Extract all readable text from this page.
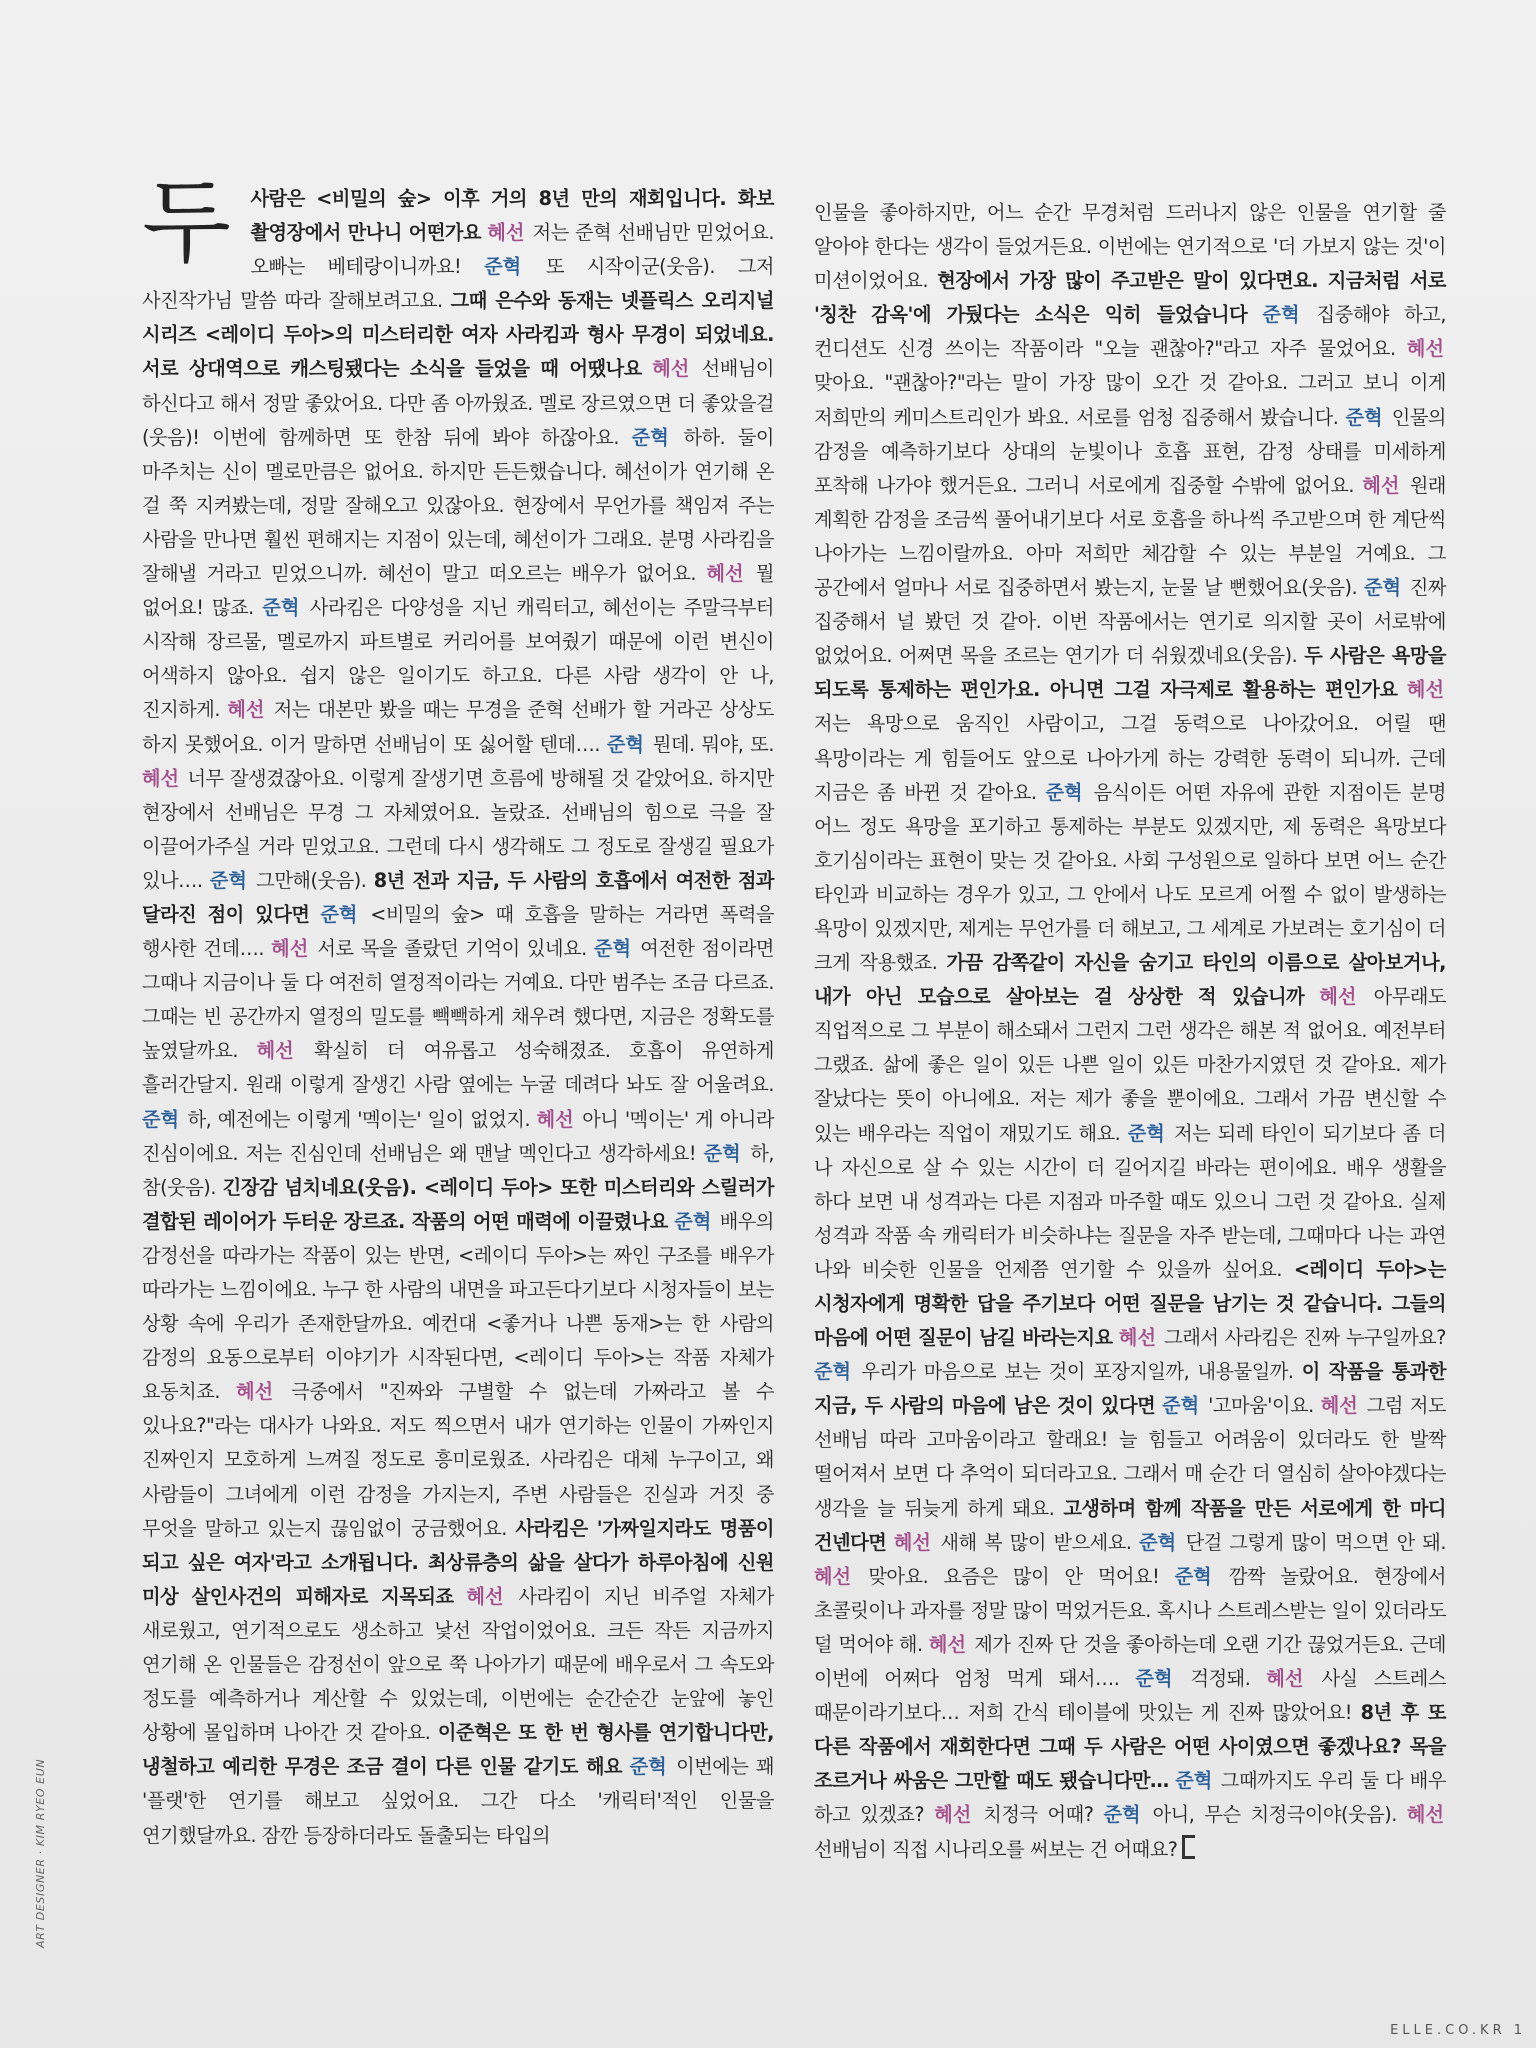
두 사람은 <비밀의 숲> 이후 거의 8년 만의 재회입니다. 화보 촬영장에서 만나니 어떤가요 혜선 저는 준혁 선배님만 믿었어요. 오빠는 베테랑이니까요! 준혁 또 시작이군(웃음). 그저 사진작가님 말씀 따라 잘해보려고요. 그때 은수와 동재는 넷플릭스 오리지널 시리즈 <레이디 두아>의 미스터리한 여자 사라킴과 형사 무경이 되었네요. 서로 상대역으로 캐스팅됐다는 소식을 들었을 때 어땠나요 혜선 선배님이 하신다고 해서 정말 좋았어요. 다만 좀 아까웠죠. 멜로 장르였으면 더 좋았을걸(웃음)! 이번에 함께하면 또 한참 뒤에 봐야 하잖아요. 준혁 하하. 둘이 마주치는 신이 멜로만큼은 없어요. 하지만 든든했습니다. 혜선이가 연기해 온 걸 쭉 지켜봤는데, 정말 잘해오고 있잖아요. 현장에서 무언가를 책임져 주는 사람을 만나면 훨씬 편해지는 지점이 있는데, 혜선이가 그래요. 분명 사라킴을 잘해낼 거라고 믿었으니까. 혜선이 말고 떠오르는 배우가 없어요. 혜선 뭘 없어요! 많죠. 준혁 사라킴은 다양성을 지닌 캐릭터고, 혜선이는 주말극부터 시작해 장르물, 멜로까지 파트별로 커리어를 보여줬기 때문에 이런 변신이 어색하지 않아요. 쉽지 않은 일이기도 하고요. 다른 사람 생각이 안 나, 진지하게. 혜선 저는 대본만 봤을 때는 무경을 준혁 선배가 할 거라곤 상상도 하지 못했어요. 이거 말하면 선배님이 또 싫어할 텐데…. 준혁 뭔데. 뭐야, 또. 혜선 너무 잘생겼잖아요. 이렇게 잘생기면 흐름에 방해될 것 같았어요. 하지만 현장에서 선배님은 무경 그 자체였어요. 놀랐죠. 선배님의 힘으로 극을 잘 이끌어가주실 거라 믿었고요. 그런데 다시 생각해도 그 정도로 잘생길 필요가 있나…. 준혁 그만해(웃음). 8년 전과 지금, 두 사람의 호흡에서 여전한 점과 달라진 점이 있다면 준혁 <비밀의 숲> 때 호흡을 말하는 거라면 폭력을 행사한 건데…. 혜선 서로 목을 졸랐던 기억이 있네요. 준혁 여전한 점이라면 그때나 지금이나 둘 다 여전히 열정적이라는 거예요. 다만 범주는 조금 다르죠. 그때는 빈 공간까지 열정의 밀도를 빽빽하게 채우려 했다면, 지금은 정확도를 높였달까요. 혜선 확실히 더 여유롭고 성숙해졌죠. 호흡이 유연하게 흘러간달지. 원래 이렇게 잘생긴 사람 옆에는 누굴 데려다 놔도 잘 어울려요. 준혁 하, 예전에는 이렇게 '멕이는' 일이 없었지. 혜선 아니 '멕이는' 게 아니라 진심이에요. 저는 진심인데 선배님은 왜 맨날 멕인다고 생각하세요! 준혁 하, 참(웃음). 긴장감 넘치네요(웃음). <레이디 두아> 또한 미스터리와 스릴러가 결합된 레이어가 두터운 장르죠. 작품의 어떤 매력에 이끌렸나요 준혁 배우의 감정선을 따라가는 작품이 있는 반면, <레이디 두아>는 짜인 구조를 배우가 따라가는 느낌이에요. 누구 한 사람의 내면을 파고든다기보다 시청자들이 보는 상황 속에 우리가 존재한달까요. 예컨대 <좋거나 나쁜 동재>는 한 사람의 감정의 요동으로부터 이야기가 시작된다면, <레이디 두아>는 작품 자체가 요동치죠. 혜선 극중에서 "진짜와 구별할 수 없는데 가짜라고 볼 수 있나요?"라는 대사가 나와요. 저도 찍으면서 내가 연기하는 인물이 가짜인지 진짜인지 모호하게 느껴질 정도로 흥미로웠죠. 사라킴은 대체 누구이고, 왜 사람들이 그녀에게 이런 감정을 가지는지, 주변 사람들은 진실과 거짓 중 무엇을 말하고 있는지 끊임없이 궁금했어요. 사라킴은 '가짜일지라도 명품이 되고 싶은 여자'라고 소개됩니다. 최상류층의 삶을 살다가 하루아침에 신원 미상 살인사건의 피해자로 지목되죠 혜선 사라킴이 지닌 비주얼 자체가 새로웠고, 연기적으로도 생소하고 낯선 작업이었어요. 크든 작든 지금까지 연기해 온 인물들은 감정선이 앞으로 쭉 나아가기 때문에 배우로서 그 속도와 정도를 예측하거나 계산할 수 있었는데, 이번에는 순간순간 눈앞에 놓인 상황에 몰입하며 나아간 것 같아요. 이준혁은 또 한 번 형사를 연기합니다만, 냉철하고 예리한 무경은 조금 결이 다른 인물 같기도 해요 준혁 이번에는 꽤 '플랫'한 연기를 해보고 싶었어요. 그간 다소 '캐릭터'적인 인물을 연기했달까요. 잠깐 등장하더라도 돌출되는 타입의
인물을 좋아하지만, 어느 순간 무경처럼 드러나지 않은 인물을 연기할 줄 알아야 한다는 생각이 들었거든요. 이번에는 연기적으로 '더 가보지 않는 것'이 미션이었어요. 현장에서 가장 많이 주고받은 말이 있다면요. 지금처럼 서로 '칭찬 감옥'에 가뒀다는 소식은 익히 들었습니다 준혁 집중해야 하고, 컨디션도 신경 쓰이는 작품이라 "오늘 괜찮아?"라고 자주 물었어요. 혜선 맞아요. "괜찮아?"라는 말이 가장 많이 오간 것 같아요. 그러고 보니 이게 저희만의 케미스트리인가 봐요. 서로를 엄청 집중해서 봤습니다. 준혁 인물의 감정을 예측하기보다 상대의 눈빛이나 호흡 표현, 감정 상태를 미세하게 포착해 나가야 했거든요. 그러니 서로에게 집중할 수밖에 없어요. 혜선 원래 계획한 감정을 조금씩 풀어내기보다 서로 호흡을 하나씩 주고받으며 한 계단씩 나아가는 느낌이랄까요. 아마 저희만 체감할 수 있는 부분일 거예요. 그 공간에서 얼마나 서로 집중하면서 봤는지, 눈물 날 뻔했어요(웃음). 준혁 진짜 집중해서 널 봤던 것 같아. 이번 작품에서는 연기로 의지할 곳이 서로밖에 없었어요. 어쩌면 목을 조르는 연기가 더 쉬웠겠네요(웃음). 두 사람은 욕망을 되도록 통제하는 편인가요. 아니면 그걸 자극제로 활용하는 편인가요 혜선 저는 욕망으로 움직인 사람이고, 그걸 동력으로 나아갔어요. 어릴 땐 욕망이라는 게 힘들어도 앞으로 나아가게 하는 강력한 동력이 되니까. 근데 지금은 좀 바뀐 것 같아요. 준혁 음식이든 어떤 자유에 관한 지점이든 분명 어느 정도 욕망을 포기하고 통제하는 부분도 있겠지만, 제 동력은 욕망보다 호기심이라는 표현이 맞는 것 같아요. 사회 구성원으로 일하다 보면 어느 순간 타인과 비교하는 경우가 있고, 그 안에서 나도 모르게 어쩔 수 없이 발생하는 욕망이 있겠지만, 제게는 무언가를 더 해보고, 그 세계로 가보려는 호기심이 더 크게 작용했죠. 가끔 감쪽같이 자신을 숨기고 타인의 이름으로 살아보거나, 내가 아닌 모습으로 살아보는 걸 상상한 적 있습니까 혜선 아무래도 직업적으로 그 부분이 해소돼서 그런지 그런 생각은 해본 적 없어요. 예전부터 그랬죠. 삶에 좋은 일이 있든 나쁜 일이 있든 마찬가지였던 것 같아요. 제가 잘났다는 뜻이 아니에요. 저는 제가 좋을 뿐이에요. 그래서 가끔 변신할 수 있는 배우라는 직업이 재밌기도 해요. 준혁 저는 되레 타인이 되기보다 좀 더 나 자신으로 살 수 있는 시간이 더 길어지길 바라는 편이에요. 배우 생활을 하다 보면 내 성격과는 다른 지점과 마주할 때도 있으니 그런 것 같아요. 실제 성격과 작품 속 캐릭터가 비슷하냐는 질문을 자주 받는데, 그때마다 나는 과연 나와 비슷한 인물을 언제쯤 연기할 수 있을까 싶어요. <레이디 두아>는 시청자에게 명확한 답을 주기보다 어떤 질문을 남기는 것 같습니다. 그들의 마음에 어떤 질문이 남길 바라는지요 혜선 그래서 사라킴은 진짜 누구일까요? 준혁 우리가 마음으로 보는 것이 포장지일까, 내용물일까. 이 작품을 통과한 지금, 두 사람의 마음에 남은 것이 있다면 준혁 '고마움'이요. 혜선 그럼 저도 선배님 따라 고마움이라고 할래요! 늘 힘들고 어려움이 있더라도 한 발짝 떨어져서 보면 다 추억이 되더라고요. 그래서 매 순간 더 열심히 살아야겠다는 생각을 늘 뒤늦게 하게 돼요. 고생하며 함께 작품을 만든 서로에게 한 마디 건넨다면 혜선 새해 복 많이 받으세요. 준혁 단걸 그렇게 많이 먹으면 안 돼. 혜선 맞아요. 요즘은 많이 안 먹어요! 준혁 깜짝 놀랐어요. 현장에서 초콜릿이나 과자를 정말 많이 먹었거든요. 혹시나 스트레스받는 일이 있더라도 덜 먹어야 해. 혜선 제가 진짜 단 것을 좋아하는데 오랜 기간 끊었거든요. 근데 이번에 어쩌다 엄청 먹게 돼서…. 준혁 걱정돼. 혜선 사실 스트레스 때문이라기보다… 저희 간식 테이블에 맛있는 게 진짜 많았어요! 8년 후 또 다른 작품에서 재회한다면 그때 두 사람은 어떤 사이였으면 좋겠나요? 목을 조르거나 싸움은 그만할 때도 됐습니다만… 준혁 그때까지도 우리 둘 다 배우 하고 있겠죠? 혜선 치정극 어때? 준혁 아니, 무슨 치정극이야(웃음). 혜선 선배님이 직접 시나리오를 써보는 건 어때요?
ART DESIGNER · KIM RYEO EUN
ELLE.CO.KR 1
